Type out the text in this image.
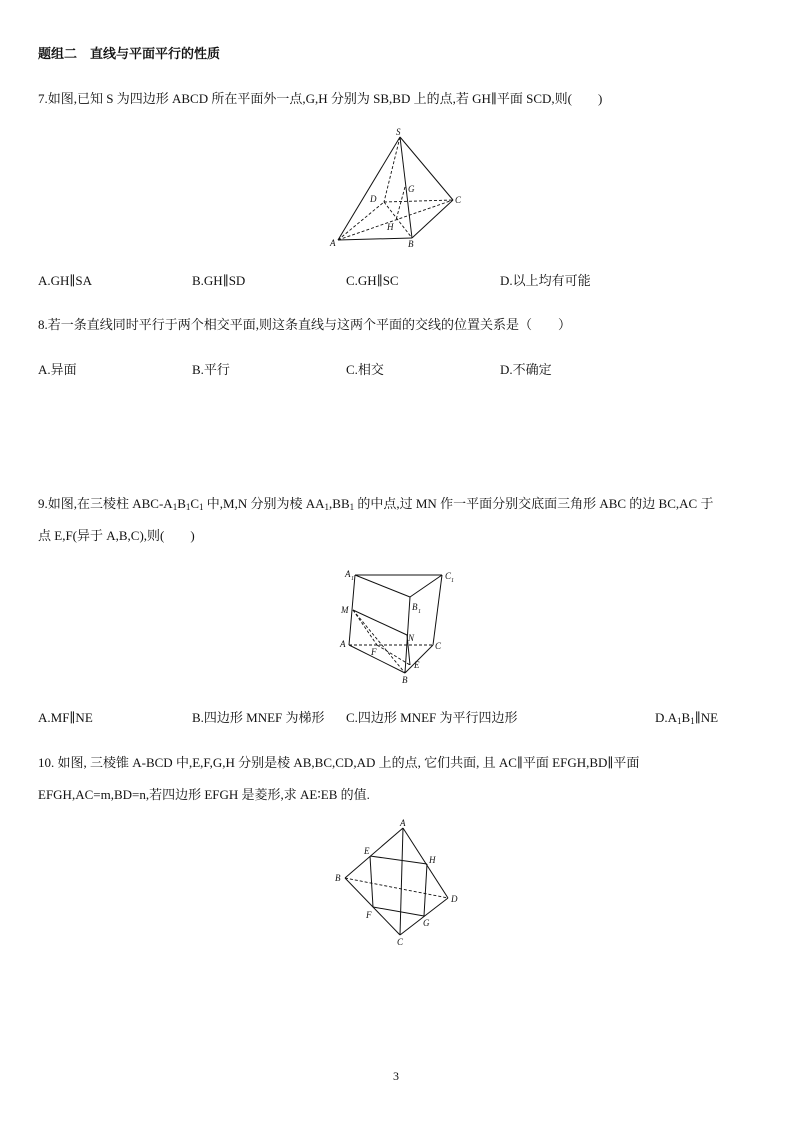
题组二　直线与平面平行的性质
7.如图,已知 S 为四边形 ABCD 所在平面外一点,G,H 分别为 SB,BD 上的点,若 GH∥平面 SCD,则(　　)
S
D
G
C
H
A	B
A.GH∥SA	B.GH∥SD	C.GH∥SC	D.以上均有可能
8.若一条直线同时平行于两个相交平面,则这条直线与这两个平面的交线的位置关系是（　　）
A.异面	B.平行	C.相交	D.不确定
9.如图,在三棱柱 ABC-$A_1B_1C_1$ 中,M,N 分别为棱 $AA_1,BB_1$ 的中点,过 MN 作一平面分别交底面三角形 ABC 的边 BC,AC 于
点 E,F(异于 A,B,C),则(　　)
A 1	C 1
B 1
M
N
A
F
C
E
B
A.MF∥NE	B.四边形 MNEF 为梯形 C.四边形 MNEF 为平行四边形	$D.A_1B_1\parallel NE$
10. 如图, 三棱锥 A-BCD 中,E,F,G,H 分别是棱 AB,BC,CD,AD 上的点, 它们共面, 且 AC∥平面 EFGH,BD∥平面
EFGH,AC=m,BD=n,若四边形 EFGH 是菱形,求 AE∶EB 的值.
A
E
H
B
D
F
G
C
3
